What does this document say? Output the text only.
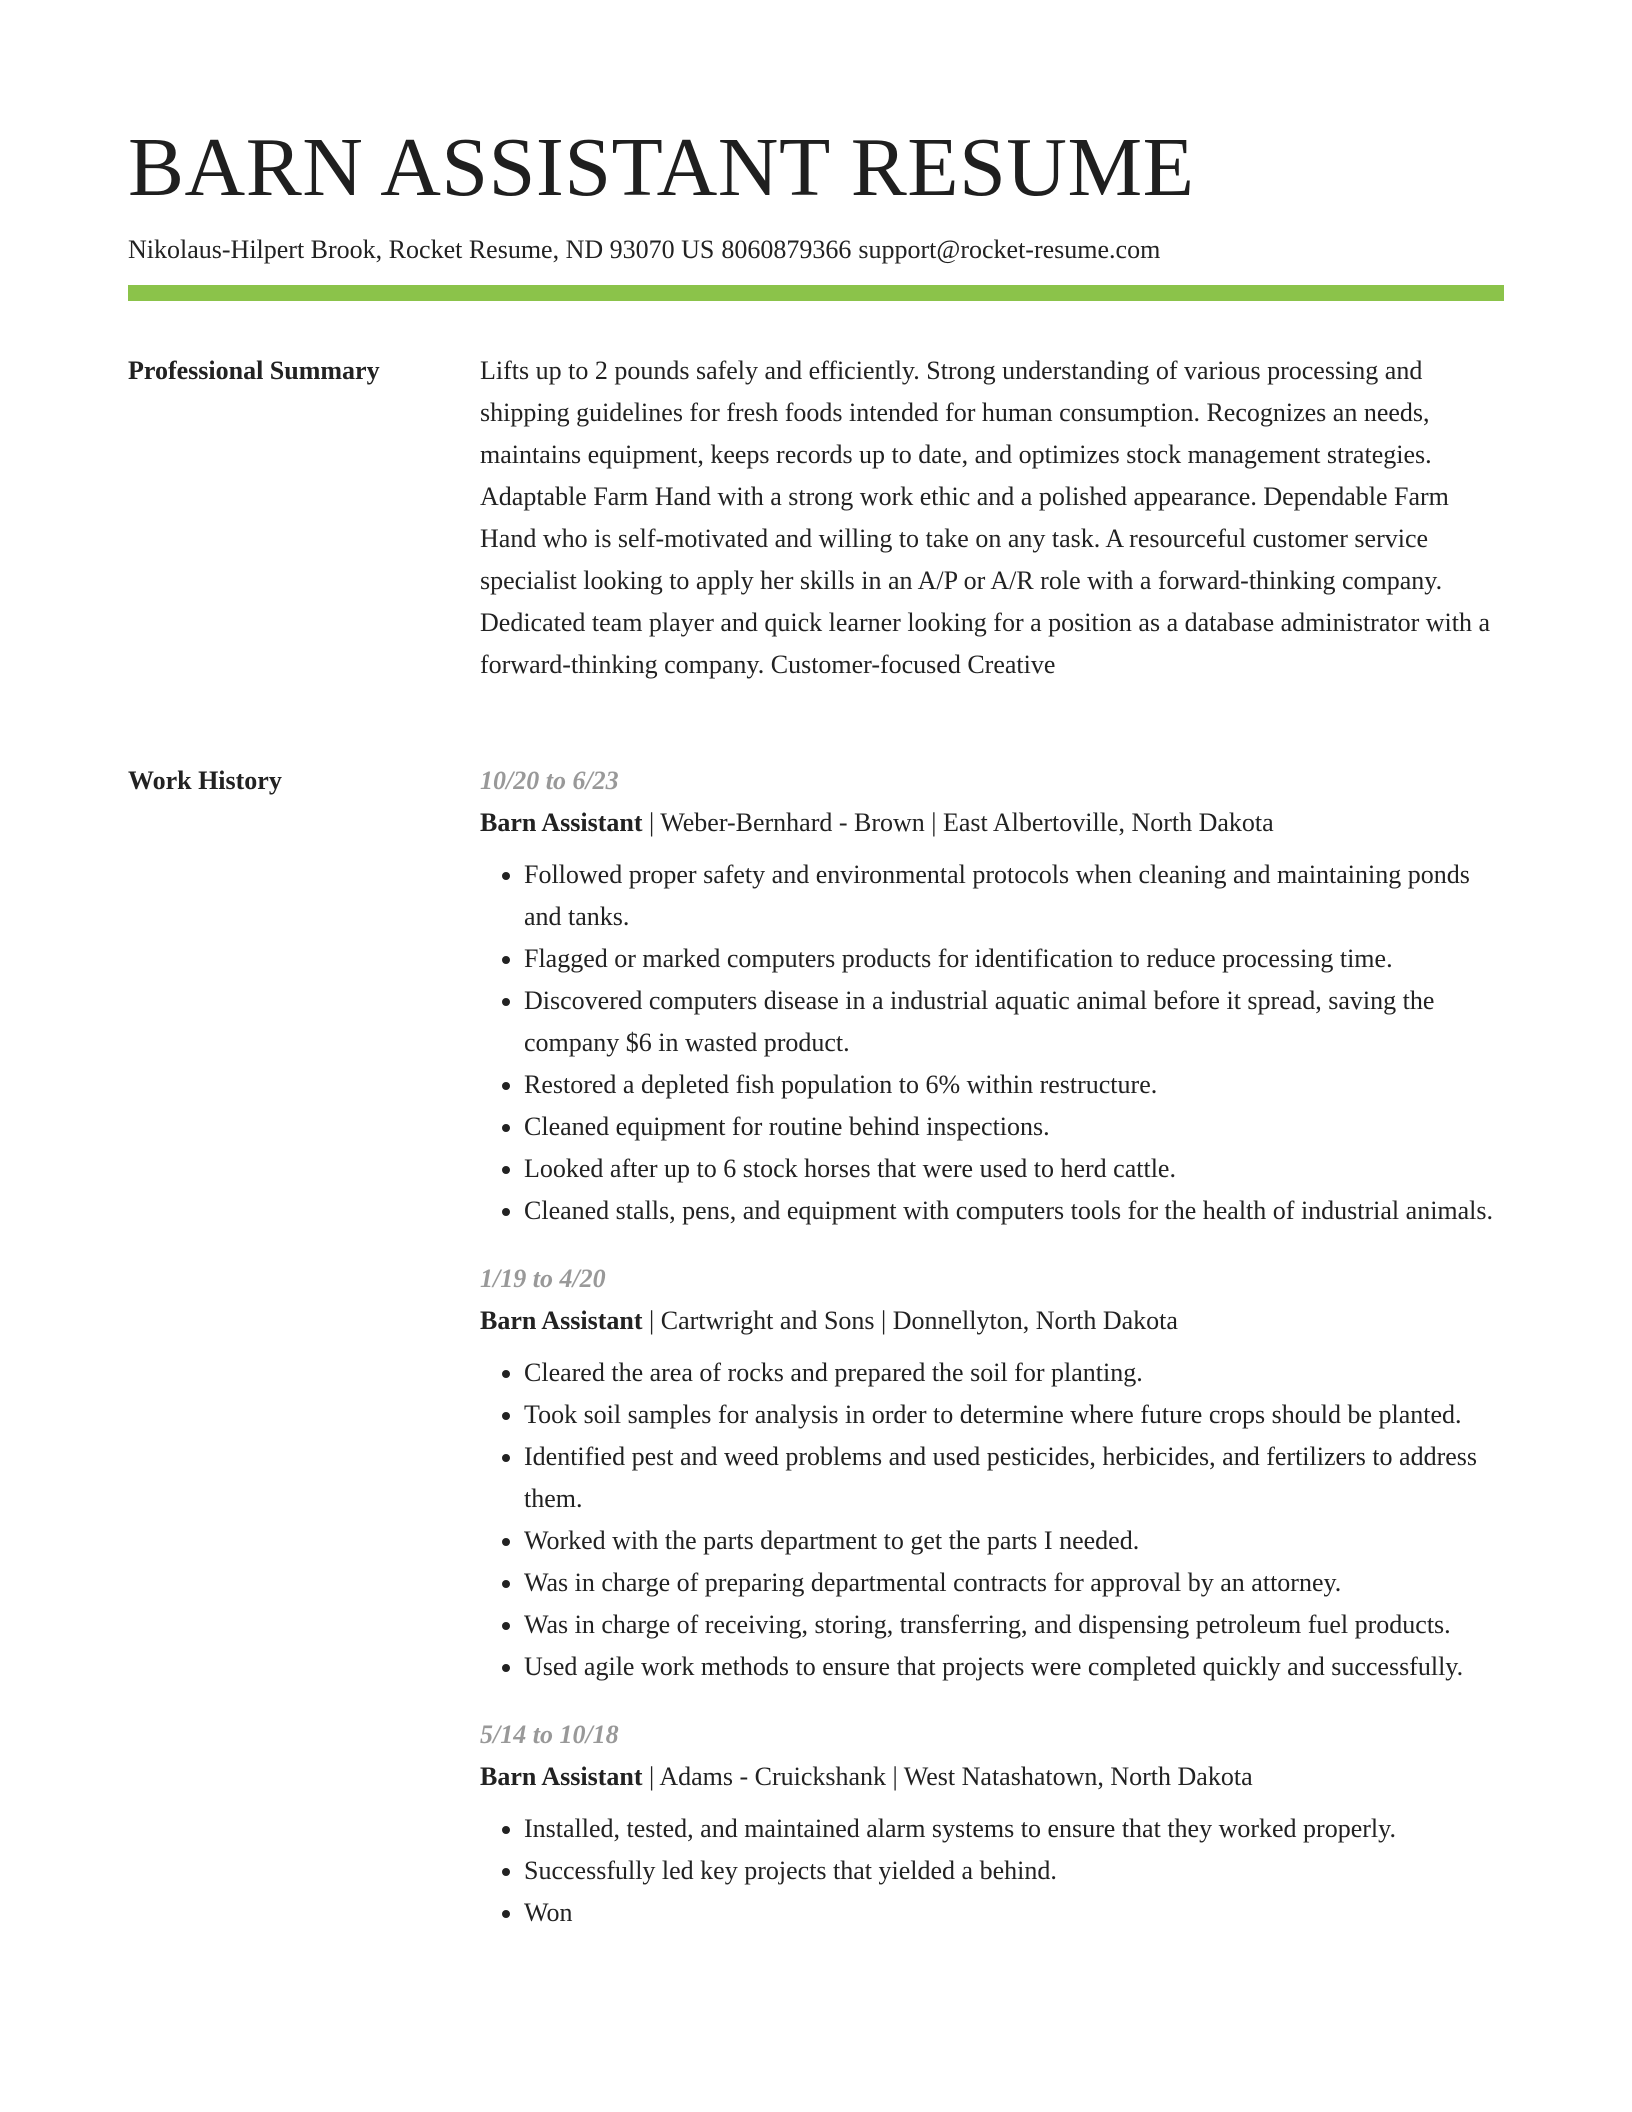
BARN ASSISTANT RESUME
Nikolaus-Hilpert Brook, Rocket Resume, ND 93070 US 8060879366 support@rocket-resume.com
Professional Summary	Lifts up to 2 pounds safely and efficiently. Strong understanding of various processing and shipping guidelines for fresh foods intended for human consumption. Recognizes an needs, maintains equipment, keeps records up to date, and optimizes stock management strategies. Adaptable Farm Hand with a strong work ethic and a polished appearance. Dependable Farm Hand who is self-motivated and willing to take on any task. A resourceful customer service specialist looking to apply her skills in an A/P or A/R role with a forward-thinking company. Dedicated team player and quick learner looking for a position as a database administrator with a forward-thinking company. Customer-focused Creative

Work History	10/20 to 6/23
Barn Assistant | Weber-Bernhard - Brown | East Albertoville, North Dakota
• Followed proper safety and environmental protocols when cleaning and maintaining ponds and tanks.
• Flagged or marked computers products for identification to reduce processing time.
• Discovered computers disease in a industrial aquatic animal before it spread, saving the company $6 in wasted product.
• Restored a depleted fish population to 6% within restructure.
• Cleaned equipment for routine behind inspections.
• Looked after up to 6 stock horses that were used to herd cattle.
• Cleaned stalls, pens, and equipment with computers tools for the health of industrial animals.
1/19 to 4/20
Barn Assistant | Cartwright and Sons | Donnellyton, North Dakota
• Cleared the area of rocks and prepared the soil for planting.
• Took soil samples for analysis in order to determine where future crops should be planted.
• Identified pest and weed problems and used pesticides, herbicides, and fertilizers to address them.
• Worked with the parts department to get the parts I needed.
• Was in charge of preparing departmental contracts for approval by an attorney.
• Was in charge of receiving, storing, transferring, and dispensing petroleum fuel products.
• Used agile work methods to ensure that projects were completed quickly and successfully.
5/14 to 10/18
Barn Assistant | Adams - Cruickshank | West Natashatown, North Dakota
• Installed, tested, and maintained alarm systems to ensure that they worked properly.
• Successfully led key projects that yielded a behind.
• Won
